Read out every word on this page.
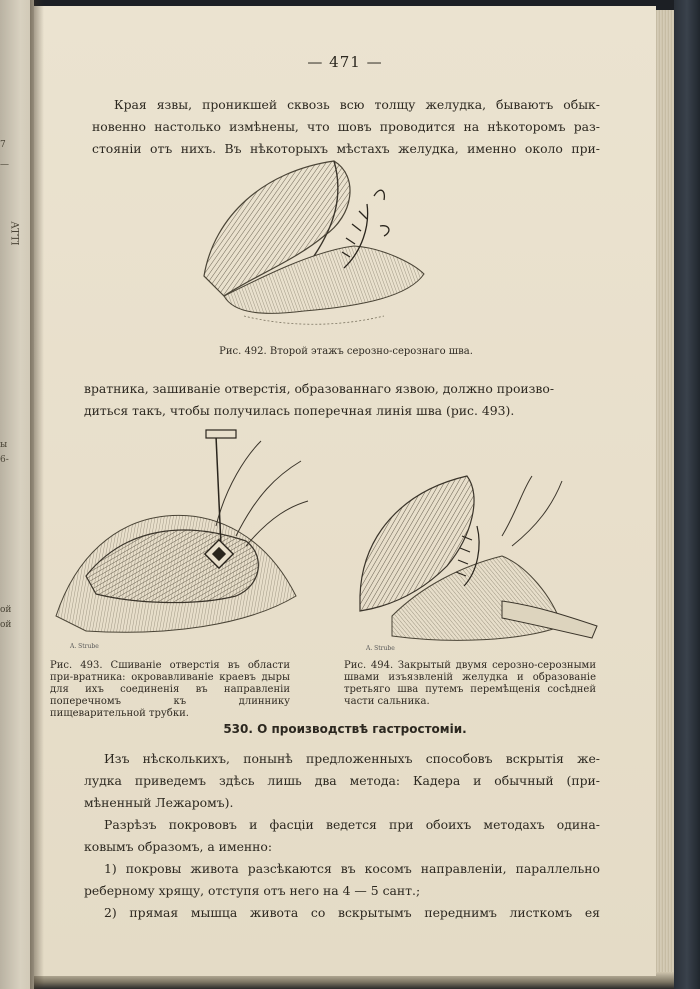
ATTI
7
—
ы
6-
ой
ой
— 471 —
Края язвы, проникшей сквозь всю толщу желудка, бываютъ обык-
новенно настолько измѣнены, что шовъ проводится на нѣкоторомъ раз-
стоянiи отъ нихъ. Въ нѣкоторыхъ мѣстахъ желудка, именно около при-
Рис. 492. Второй этажъ серозно-серознаго шва.
вратника, зашиванiе отверстiя, образованнаго язвою, должно произво-
диться такъ, чтобы получилась поперечная линiя шва (рис. 493).
A. Strube	A. Strube
Рис. 493. Сшиванiе отверстiя въ области при-вратника: окровавливанiе краевъ дыры для ихъ соединенiя въ направленiи поперечномъ къ длиннику пищеварительной трубки.
Рис. 494. Закрытый двумя серозно-серозными швами изъязвленiй желудка и образованiе третьяго шва путемъ перемѣщенiя сосѣдней части сальника.
530. О производствѣ гастростомiи.
Изъ нѣсколькихъ, понынѣ предложенныхъ способовъ вскрытiя же-
лудка приведемъ здѣсь лишь два метода: Кадера и обычный (при-
мѣненный Лежаромъ).
Разрѣзъ покрововъ и фасцiи ведется при обоихъ методахъ одина-
ковымъ образомъ, а именно:
1) покровы живота разсѣкаются въ косомъ направленiи, параллельно
реберному хрящу, отступя отъ него на 4 — 5 сант.;
2) прямая мышца живота со вскрытымъ переднимъ листкомъ ея
